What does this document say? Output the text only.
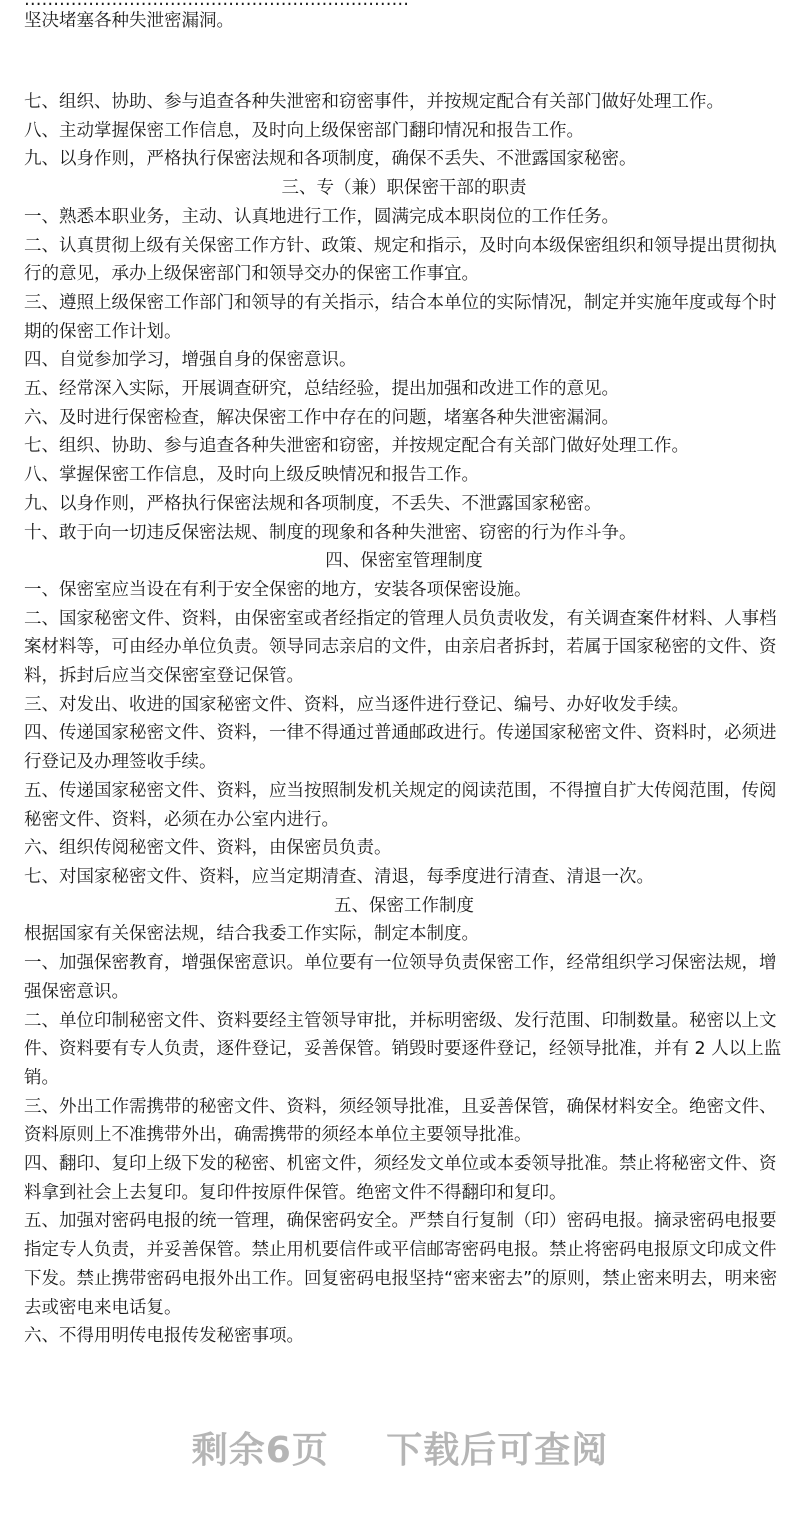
坚决堵塞各种失泄密漏洞。

七、组织、协助、参与追查各种失泄密和窃密事件，并按规定配合有关部门做好处理工作。

八、主动掌握保密工作信息，及时向上级保密部门翻印情况和报告工作。

九、以身作则，严格执行保密法规和各项制度，确保不丢失、不泄露国家秘密。

三、专（兼）职保密干部的职责

一、熟悉本职业务，主动、认真地进行工作，圆满完成本职岗位的工作任务。

二、认真贯彻上级有关保密工作方针、政策、规定和指示，及时向本级保密组织和领导提出贯彻执行的意见，承办上级保密部门和领导交办的保密工作事宜。

三、遵照上级保密工作部门和领导的有关指示，结合本单位的实际情况，制定并实施年度或每个时期的保密工作计划。

四、自觉参加学习，增强自身的保密意识。

五、经常深入实际，开展调查研究，总结经验，提出加强和改进工作的意见。

六、及时进行保密检查，解决保密工作中存在的问题，堵塞各种失泄密漏洞。

七、组织、协助、参与追查各种失泄密和窃密，并按规定配合有关部门做好处理工作。

八、掌握保密工作信息，及时向上级反映情况和报告工作。

九、以身作则，严格执行保密法规和各项制度，不丢失、不泄露国家秘密。

十、敢于向一切违反保密法规、制度的现象和各种失泄密、窃密的行为作斗争。

四、保密室管理制度

一、保密室应当设在有利于安全保密的地方，安装各项保密设施。

二、国家秘密文件、资料，由保密室或者经指定的管理人员负责收发，有关调查案件材料、人事档案材料等，可由经办单位负责。领导同志亲启的文件，由亲启者拆封，若属于国家秘密的文件、资料，拆封后应当交保密室登记保管。

三、对发出、收进的国家秘密文件、资料，应当逐件进行登记、编号、办好收发手续。

四、传递国家秘密文件、资料，一律不得通过普通邮政进行。传递国家秘密文件、资料时，必须进行登记及办理签收手续。

五、传递国家秘密文件、资料，应当按照制发机关规定的阅读范围，不得擅自扩大传阅范围，传阅秘密文件、资料，必须在办公室内进行。

六、组织传阅秘密文件、资料，由保密员负责。

七、对国家秘密文件、资料，应当定期清查、清退，每季度进行清查、清退一次。

五、保密工作制度

根据国家有关保密法规，结合我委工作实际，制定本制度。

一、加强保密教育，增强保密意识。单位要有一位领导负责保密工作，经常组织学习保密法规，增强保密意识。

二、单位印制秘密文件、资料要经主管领导审批，并标明密级、发行范围、印制数量。秘密以上文件、资料要有专人负责，逐件登记，妥善保管。销毁时要逐件登记，经领导批准，并有 2 人以上监销。

三、外出工作需携带的秘密文件、资料，须经领导批准，且妥善保管，确保材料安全。绝密文件、资料原则上不准携带外出，确需携带的须经本单位主要领导批准。

四、翻印、复印上级下发的秘密、机密文件，须经发文单位或本委领导批准。禁止将秘密文件、资料拿到社会上去复印。复印件按原件保管。绝密文件不得翻印和复印。

五、加强对密码电报的统一管理，确保密码安全。严禁自行复制（印）密码电报。摘录密码电报要指定专人负责，并妥善保管。禁止用机要信件或平信邮寄密码电报。禁止将密码电报原文印成文件下发。禁止携带密码电报外出工作。回复密码电报坚持“密来密去”的原则，禁止密来明去，明来密去或密电来电话复。

六、不得用明传电报传发秘密事项。

剩余6页 下载后可查阅
